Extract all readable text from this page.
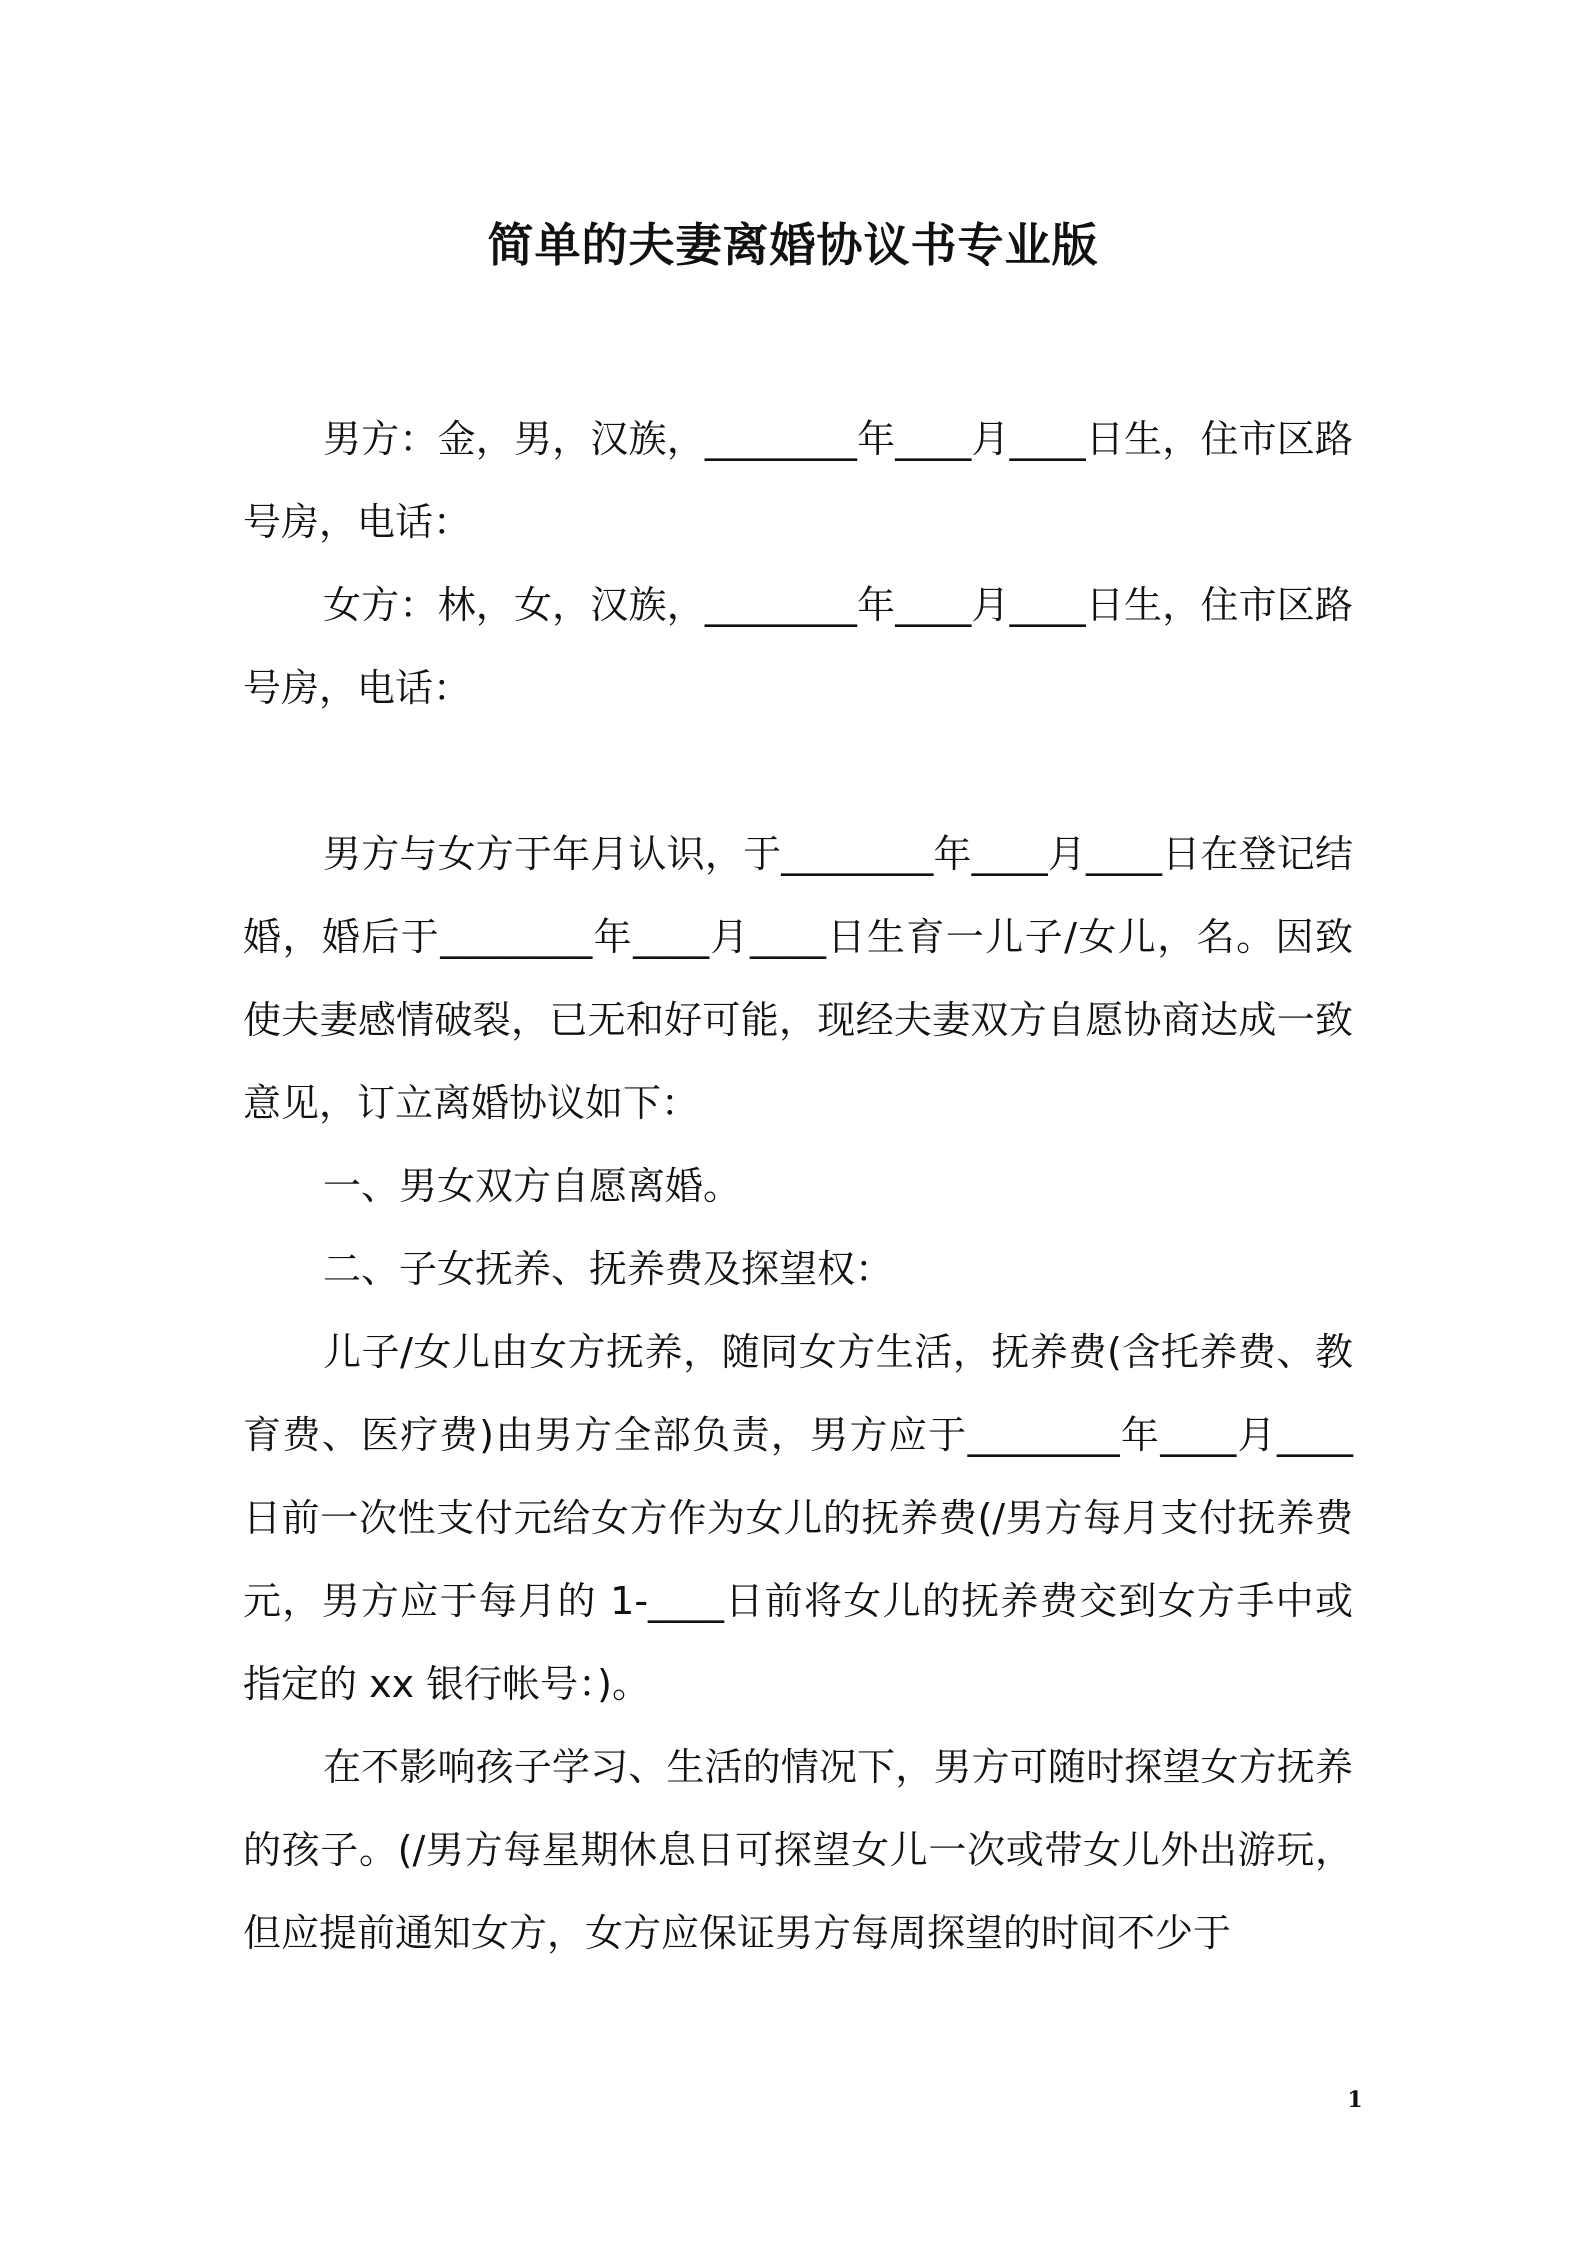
简单的夫妻离婚协议书专业版

男方：金，男，汉族，________年____月____日生，住市区路号房，电话：

女方：林，女，汉族，________年____月____日生，住市区路号房，电话：

男方与女方于年月认识，于________年____月____日在登记结婚，婚后于________年____月____日生育一儿子/女儿，名。因致使夫妻感情破裂，已无和好可能，现经夫妻双方自愿协商达成一致意见，订立离婚协议如下：

一、男女双方自愿离婚。

二、子女抚养、抚养费及探望权：

儿子/女儿由女方抚养，随同女方生活，抚养费(含托养费、教育费、医疗费)由男方全部负责，男方应于________年____月____日前一次性支付元给女方作为女儿的抚养费(/男方每月支付抚养费元，男方应于每月的 1-____日前将女儿的抚养费交到女方手中或指定的 xx 银行帐号：)。

在不影响孩子学习、生活的情况下，男方可随时探望女方抚养的孩子。(/男方每星期休息日可探望女儿一次或带女儿外出游玩，但应提前通知女方，女方应保证男方每周探望的时间不少于

1
